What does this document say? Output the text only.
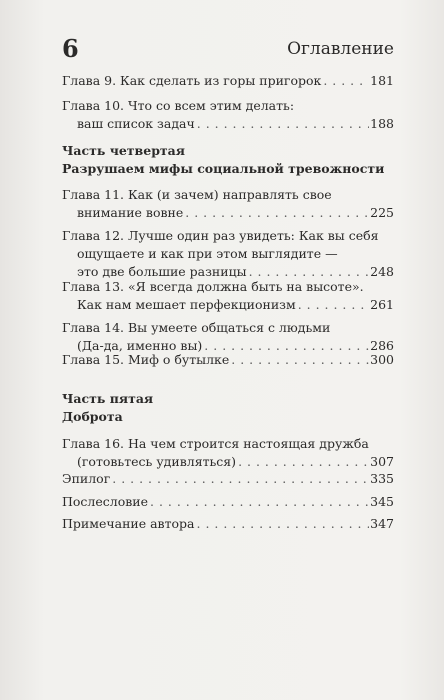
6	Оглавление
Глава 9. Как сделать из горы пригорок . . .	181
Глава 10. Что со всем этим делать:
ваш список задач . . .	188
Часть четвертая
Разрушаем мифы социальной тревожности
Глава 11. Как (и зачем) направлять свое
внимание вовне . . .	225
Глава 12. Лучше один раз увидеть: Как вы себя
ощущаете и как при этом выглядите —
это две большие разницы . . .	248
Глава 13. «Я всегда должна быть на высоте».
Как нам мешает перфекционизм . . .	261
Глава 14. Вы умеете общаться с людьми
(Да-да, именно вы) . . .	286
Глава 15. Миф о бутылке . . .	300
Часть пятая
Доброта
Глава 16. На чем строится настоящая дружба
(готовьтесь удивляться) . . .	307
Эпилог . . .	335
Послесловие . . .	345
Примечание автора . . .	347
